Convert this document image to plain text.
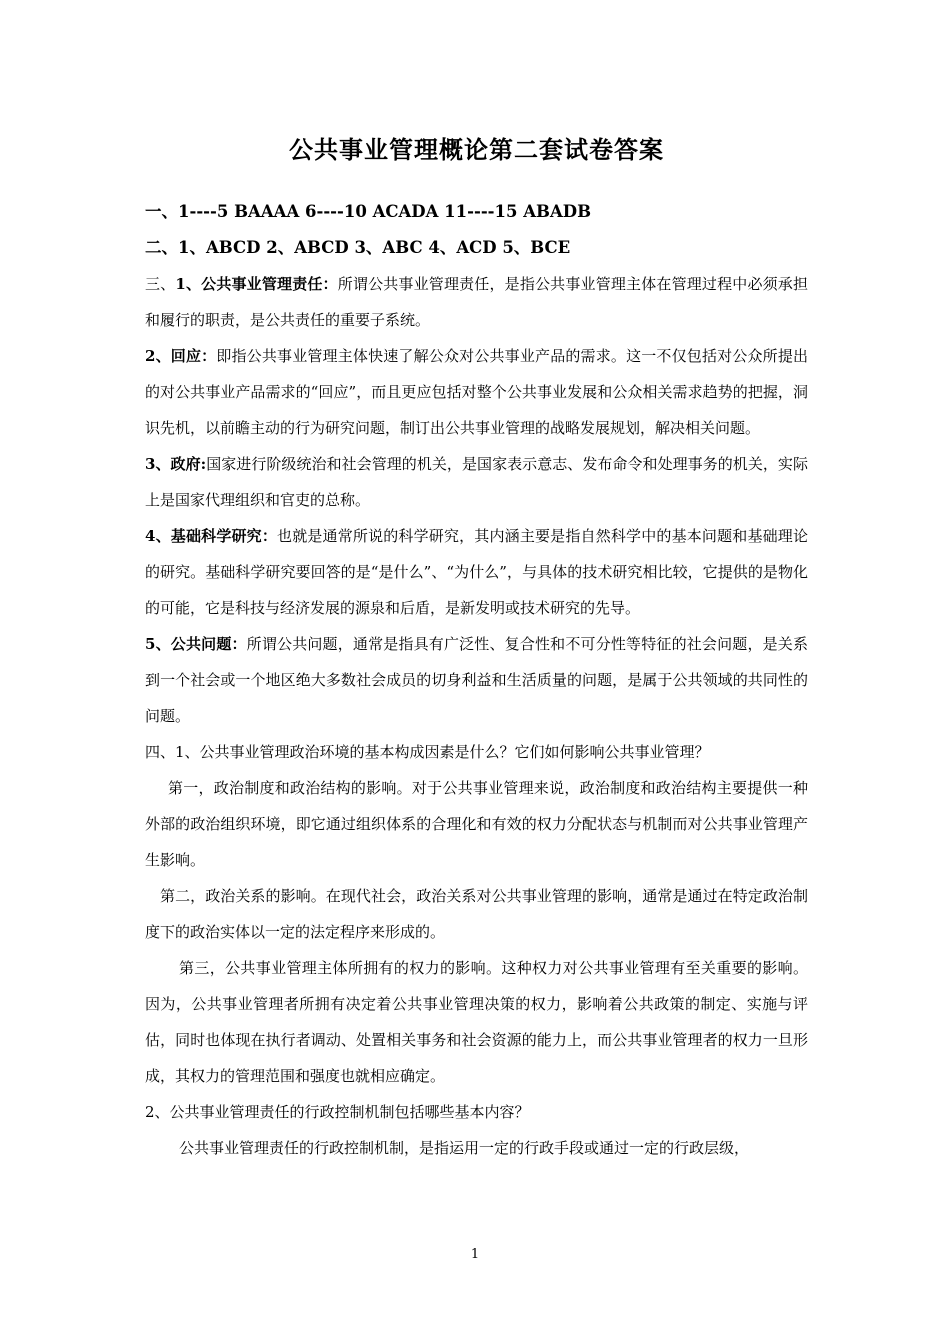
公共事业管理概论第二套试卷答案
一、1----5 BAAAA 6----10 ACADA 11----15 ABADB
二、1、ABCD 2、ABCD 3、ABC 4、ACD 5、BCE

三、1、公共事业管理责任：所谓公共事业管理责任，是指公共事业管理主体在管理过程中必须承担和履行的职责，是公共责任的重要子系统。

2、回应：即指公共事业管理主体快速了解公众对公共事业产品的需求。这一不仅包括对公众所提出的对公共事业产品需求的“回应”，而且更应包括对整个公共事业发展和公众相关需求趋势的把握，洞识先机，以前瞻主动的行为研究问题，制订出公共事业管理的战略发展规划，解决相关问题。

3、政府:国家进行阶级统治和社会管理的机关，是国家表示意志、发布命令和处理事务的机关，实际上是国家代理组织和官吏的总称。

4、基础科学研究：也就是通常所说的科学研究，其内涵主要是指自然科学中的基本问题和基础理论的研究。基础科学研究要回答的是“是什么”、“为什么”，与具体的技术研究相比较，它提供的是物化的可能，它是科技与经济发展的源泉和后盾，是新发明或技术研究的先导。

5、公共问题：所谓公共问题，通常是指具有广泛性、复合性和不可分性等特征的社会问题，是关系到一个社会或一个地区绝大多数社会成员的切身利益和生活质量的问题，是属于公共领域的共同性的问题。

四、1、公共事业管理政治环境的基本构成因素是什么？它们如何影响公共事业管理？

第一，政治制度和政治结构的影响。对于公共事业管理来说，政治制度和政治结构主要提供一种外部的政治组织环境，即它通过组织体系的合理化和有效的权力分配状态与机制而对公共事业管理产生影响。

第二，政治关系的影响。在现代社会，政治关系对公共事业管理的影响，通常是通过在特定政治制度下的政治实体以一定的法定程序来形成的。

第三，公共事业管理主体所拥有的权力的影响。这种权力对公共事业管理有至关重要的影响。因为，公共事业管理者所拥有决定着公共事业管理决策的权力，影响着公共政策的制定、实施与评估，同时也体现在执行者调动、处置相关事务和社会资源的能力上，而公共事业管理者的权力一旦形成，其权力的管理范围和强度也就相应确定。

2、公共事业管理责任的行政控制机制包括哪些基本内容？

公共事业管理责任的行政控制机制，是指运用一定的行政手段或通过一定的行政层级，

1
